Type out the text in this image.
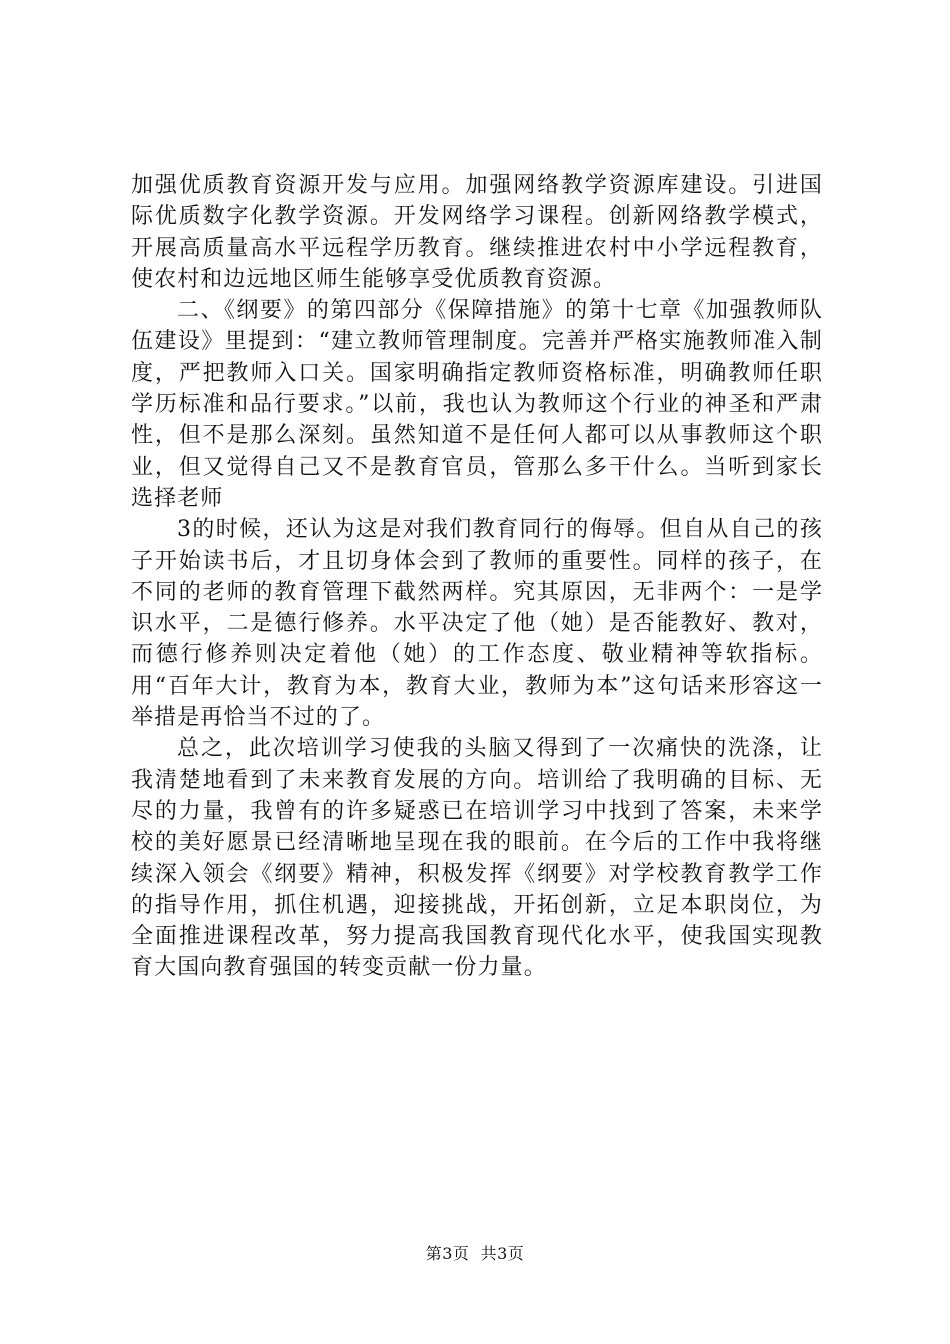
加强优质教育资源开发与应用。加强网络教学资源库建设。引进国际优质数字化教学资源。开发网络学习课程。创新网络教学模式，开展高质量高水平远程学历教育。继续推进农村中小学远程教育，使农村和边远地区师生能够享受优质教育资源。

二、《纲要》的第四部分《保障措施》的第十七章《加强教师队伍建设》里提到：“建立教师管理制度。完善并严格实施教师准入制度，严把教师入口关。国家明确指定教师资格标准，明确教师任职学历标准和品行要求。”以前，我也认为教师这个行业的神圣和严肃性，但不是那么深刻。虽然知道不是任何人都可以从事教师这个职业，但又觉得自己又不是教育官员，管那么多干什么。当听到家长选择老师

3的时候，还认为这是对我们教育同行的侮辱。但自从自己的孩子开始读书后，才且切身体会到了教师的重要性。同样的孩子，在不同的老师的教育管理下截然两样。究其原因，无非两个：一是学识水平，二是德行修养。水平决定了他（她）是否能教好、教对，而德行修养则决定着他（她）的工作态度、敬业精神等软指标。用“百年大计，教育为本，教育大业，教师为本”这句话来形容这一举措是再恰当不过的了。

总之，此次培训学习使我的头脑又得到了一次痛快的洗涤，让我清楚地看到了未来教育发展的方向。培训给了我明确的目标、无尽的力量，我曾有的许多疑惑已在培训学习中找到了答案，未来学校的美好愿景已经清晰地呈现在我的眼前。在今后的工作中我将继续深入领会《纲要》精神，积极发挥《纲要》对学校教育教学工作的指导作用，抓住机遇，迎接挑战，开拓创新，立足本职岗位，为全面推进课程改革，努力提高我国教育现代化水平，使我国实现教育大国向教育强国的转变贡献一份力量。

第3页  共3页
